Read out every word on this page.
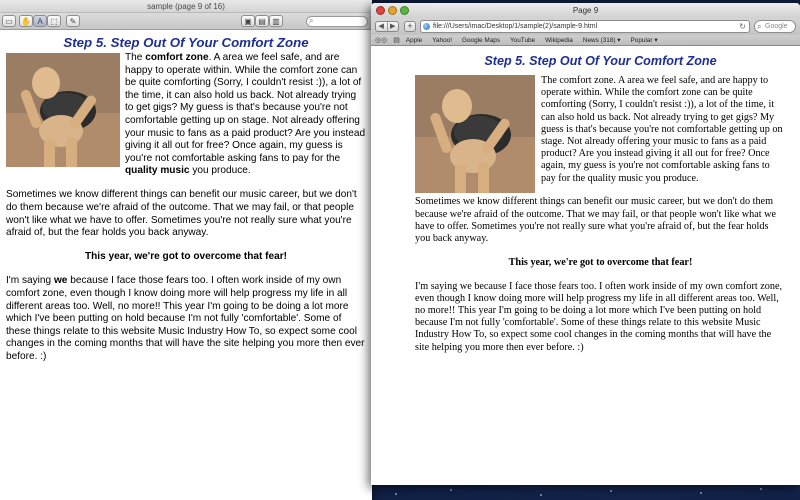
sample (page 9 of 16)
▭	✋ A ⬚	✎	▣ ▤ ▥
⌕
Step 5. Step Out Of Your Comfort Zone
The comfort zone. A area we feel safe, and are happy to operate within. While the comfort zone can be quite comforting (Sorry, I couldn't resist :)), a lot of the time, it can also hold us back. Not already trying to get gigs? My guess is that's because you're not comfortable getting up on stage. Not already offering your music to fans as a paid product? Are you instead giving it all out for free? Once again, my guess is you're not comfortable asking fans to pay for the quality music you produce.
Sometimes we know different things can benefit our music career, but we don't do them because we're afraid of the outcome. That we may fail, or that people won't like what we have to offer. Sometimes you're not really sure what you're afraid of, but the fear holds you back anyway.
This year, we're got to overcome that fear!
I'm saying we because I face those fears too. I often work inside of my own comfort zone, even though I know doing more will help progress my life in all different areas too. Well, no more!! This year I'm going to be doing a lot more which I've been putting on hold because I'm not fully 'comfortable'. Some of these things relate to this website Music Industry How To, so expect some cool changes in the coming months that will have the site helping you more then ever before. :)
Page 9
◀ ▶	+	file:///Users/imac/Desktop/1/sample(2)/sample-9.html	↻
⌕	Google
◎◎ ▤ Apple Yahoo! Google Maps YouTube Wikipedia News (318) ▾ Popular ▾
Step 5. Step Out Of Your Comfort Zone
The comfort zone. A area we feel safe, and are happy to operate within. While the comfort zone can be quite comforting (Sorry, I couldn't resist :)), a lot of the time, it can also hold us back. Not already trying to get gigs? My guess is that's because you're not comfortable getting up on stage. Not already offering your music to fans as a paid product? Are you instead giving it all out for free? Once again, my guess is you're not comfortable asking fans to pay for the quality music you produce.
Sometimes we know different things can benefit our music career, but we don't do them because we're afraid of the outcome. That we may fail, or that people won't like what we have to offer. Sometimes you're not really sure what you're afraid of, but the fear holds you back anyway.
This year, we're got to overcome that fear!
I'm saying we because I face those fears too. I often work inside of my own comfort zone, even though I know doing more will help progress my life in all different areas too. Well, no more!! This year I'm going to be doing a lot more which I've been putting on hold because I'm not fully 'comfortable'. Some of these things relate to this website Music Industry How To, so expect some cool changes in the coming months that will have the site helping you more then ever before. :)
